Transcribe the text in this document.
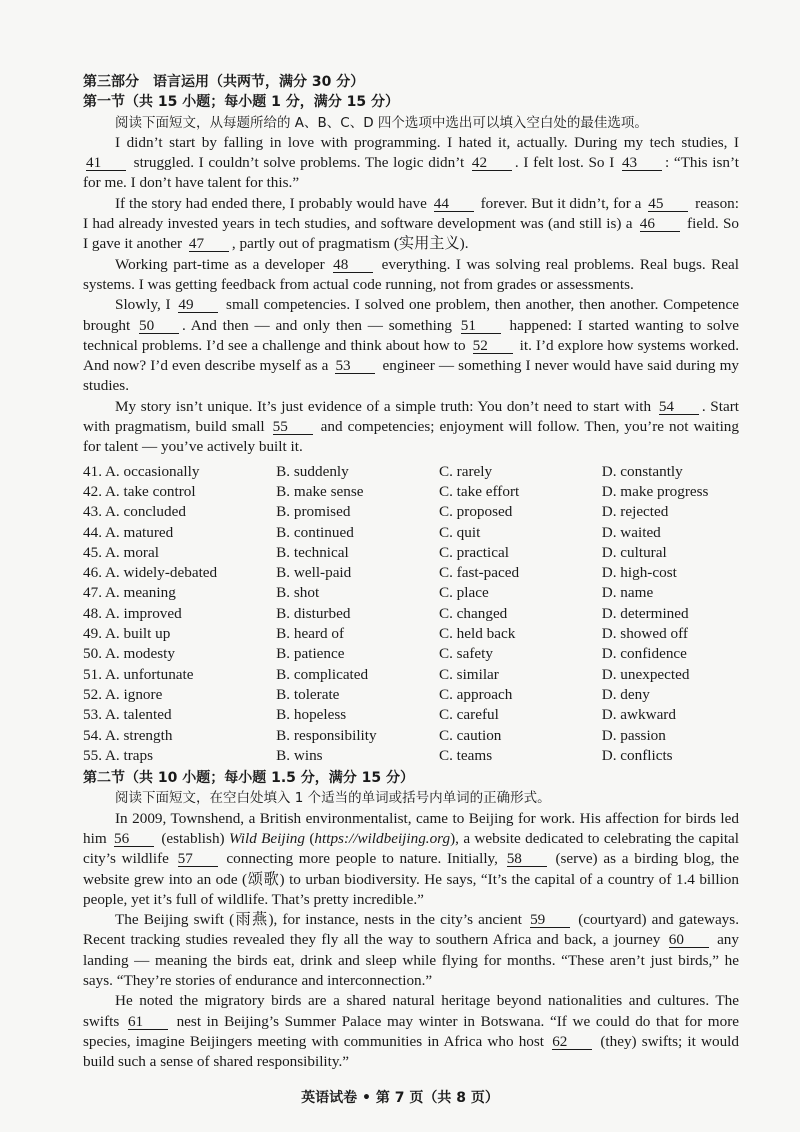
第三部分　语言运用（共两节，满分 30 分）
第一节（共 15 小题；每小题 1 分，满分 15 分）
阅读下面短文，从每题所给的 A、B、C、D 四个选项中选出可以填入空白处的最佳选项。
I didn’t start by falling in love with programming. I hated it, actually. During my tech studies, I 41 struggled. I couldn’t solve problems. The logic didn’t 42 . I felt lost. So I 43 : “This isn’t for me. I don’t have talent for this.”
If the story had ended there, I probably would have 44 forever. But it didn’t, for a 45 reason: I had already invested years in tech studies, and software development was (and still is) a 46 field. So I gave it another 47 , partly out of pragmatism (实用主义).
Working part-time as a developer 48 everything. I was solving real problems. Real bugs. Real systems. I was getting feedback from actual code running, not from grades or assessments.
Slowly, I 49 small competencies. I solved one problem, then another, then another. Competence brought 50 . And then — and only then — something 51 happened: I started wanting to solve technical problems. I’d see a challenge and think about how to 52 it. I’d explore how systems worked. And now? I’d even describe myself as a 53 engineer — something I never would have said during my studies.
My story isn’t unique. It’s just evidence of a simple truth: You don’t need to start with 54 . Start with pragmatism, build small 55 and competencies; enjoyment will follow. Then, you’re not waiting for talent — you’ve actively built it.
41. A. occasionally	B. suddenly	C. rarely	D. constantly
42. A. take control	B. make sense	C. take effort	D. make progress
43. A. concluded	B. promised	C. proposed	D. rejected
44. A. matured	B. continued	C. quit	D. waited
45. A. moral	B. technical	C. practical	D. cultural
46. A. widely-debated	B. well-paid	C. fast-paced	D. high-cost
47. A. meaning	B. shot	C. place	D. name
48. A. improved	B. disturbed	C. changed	D. determined
49. A. built up	B. heard of	C. held back	D. showed off
50. A. modesty	B. patience	C. safety	D. confidence
51. A. unfortunate	B. complicated	C. similar	D. unexpected
52. A. ignore	B. tolerate	C. approach	D. deny
53. A. talented	B. hopeless	C. careful	D. awkward
54. A. strength	B. responsibility	C. caution	D. passion
55. A. traps	B. wins	C. teams	D. conflicts
第二节（共 10 小题；每小题 1.5 分，满分 15 分）
阅读下面短文，在空白处填入 1 个适当的单词或括号内单词的正确形式。
In 2009, Townshend, a British environmentalist, came to Beijing for work. His affection for birds led him 56 (establish) Wild Beijing (https://wildbeijing.org), a website dedicated to celebrating the capital city’s wildlife 57 connecting more people to nature. Initially, 58 (serve) as a birding blog, the website grew into an ode (颂歌) to urban biodiversity. He says, “It’s the capital of a country of 1.4 billion people, yet it’s full of wildlife. That’s pretty incredible.”
The Beijing swift (雨燕), for instance, nests in the city’s ancient 59 (courtyard) and gateways. Recent tracking studies revealed they fly all the way to southern Africa and back, a journey 60 any landing — meaning the birds eat, drink and sleep while flying for months. “These aren’t just birds,” he says. “They’re stories of endurance and interconnection.”
He noted the migratory birds are a shared natural heritage beyond nationalities and cultures. The swifts 61 nest in Beijing’s Summer Palace may winter in Botswana. “If we could do that for more species, imagine Beijingers meeting with communities in Africa who host 62 (they) swifts; it would build such a sense of shared responsibility.”
英语试卷 • 第 7 页（共 8 页）
